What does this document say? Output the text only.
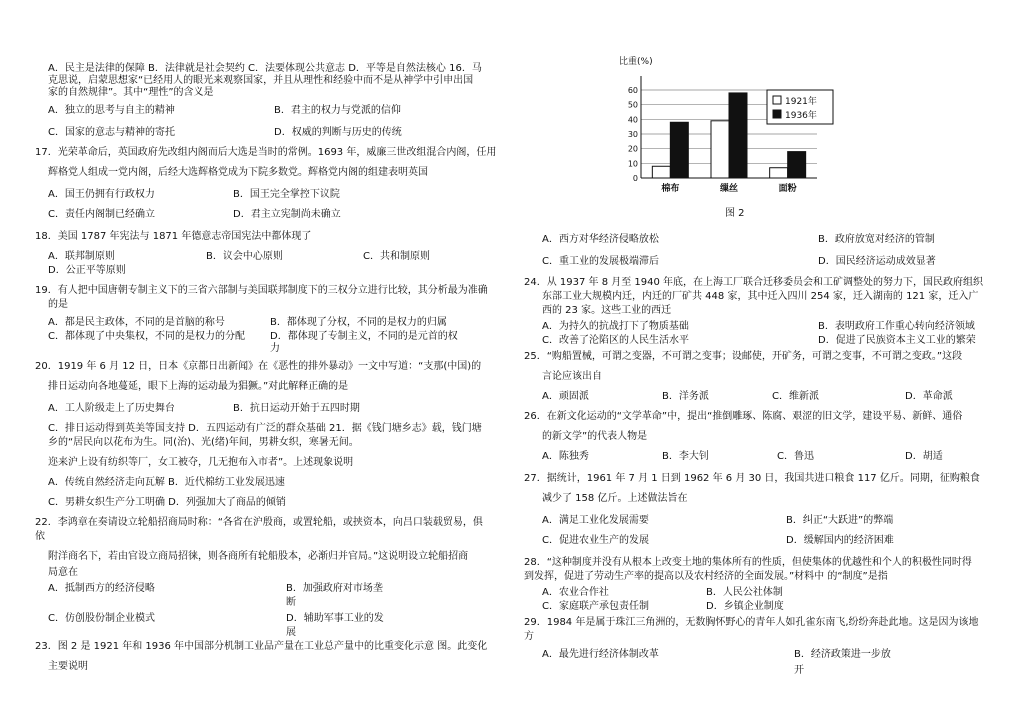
A．民主是法律的保障 B．法律就是社会契约 C．法要体现公共意志 D．平等是自然法核心 16．马
克思说，启蒙思想家“已经用人的眼光来观察国家，并且从理性和经验中而不是从神学中引申出国
家的自然规律”。其中“理性”的含义是
A．独立的思考与自主的精神	B．君主的权力与党派的信仰
C．国家的意志与精神的寄托	D．权威的判断与历史的传统
17．光荣革命后，英国政府先改组内阁而后大选是当时的常例。1693 年，威廉三世改组混合内阁，任用
辉格党人组成一党内阁，后经大选辉格党成为下院多数党。辉格党内阁的组建表明英国
A．国王仍拥有行政权力	B．国王完全掌控下议院
C．责任内阁制已经确立	D．君主立宪制尚未确立
18．美国 1787 年宪法与 1871 年德意志帝国宪法中都体现了
A．联邦制原则	B．议会中心原则	C．共和制原则
D．公正平等原则
19．有人把中国唐朝专制主义下的三省六部制与美国联邦制度下的三权分立进行比较，其分析最为准确
的是
A．都是民主政体，不同的是首脑的称号	B．都体现了分权，不同的是权力的归属
C．都体现了中央集权，不同的是权力的分配	D．都体现了专制主义，不同的是元首的权
力
20．1919 年 6 月 12 日，日本《京都日出新闻》在《恶性的排外暴动》一文中写道：“支那(中国)的
排日运动向各地蔓延，眼下上海的运动最为猖獗。”对此解释正确的是
A．工人阶级走上了历史舞台	B．抗日运动开始于五四时期
C．排日运动得到英美等国支持 D．五四运动有广泛的群众基础 21．据《钱门塘乡志》载，钱门塘
乡的“居民向以花布为生。同(治)、光(绪)年间，男耕女织，寒暑无间。
迩来沪上设有纺织等厂，女工被夺，几无抱布入市者”。上述现象说明
A．传统自然经济走向瓦解 B．近代棉纺工业发展迅速
C．男耕女织生产分工明确 D．列强加大了商品的倾销
22．李鸿章在奏请设立轮船招商局时称：“各省在沪殷商，或置轮船，或挟资本，向吕口装载贸易，俱
依
附洋商名下，若由官设立商局招徕，则各商所有轮船股本，必渐归并官局。”这说明设立轮船招商
局意在
A．抵制西方的经济侵略	B．加强政府对市场垄
断
C．仿创股份制企业模式	D．辅助军事工业的发
展
23．图 2 是 1921 年和 1936 年中国部分机制工业品产量在工业总产量中的比重变化示意 图。此变化
主要说明
A．西方对华经济侵略放松	B．政府放宽对经济的管制
C．重工业的发展极端滞后	D．国民经济运动成效显著
24．从 1937 年 8 月至 1940 年底，在上海工厂联合迁移委员会和工矿调整处的努力下，国民政府组织
东部工业大规模内迁，内迁的厂矿共 448 家，其中迁入四川 254 家，迁入湖南的 121 家，迁入广
西的 23 家。这些工业的西迁
A．为持久的抗战打下了物质基础	B．表明政府工作重心转向经济领域
C．改善了沦陷区的人民生活水平	D．促进了民族资本主义工业的繁荣
25．“购船置械，可谓之变器，不可谓之变事；设邮使，开矿务，可谓之变事，不可谓之变政。”这段
言论应该出自
A．顽固派	B．洋务派	C．维新派	D．革命派
26．在新文化运动的“文学革命”中，提出“推倒雕琢、陈腐、艰涩的旧文学，建设平易、新鲜、通俗
的新文学”的代表人物是
A．陈独秀	B．李大钊	C．鲁迅	D．胡适
27．据统计，1961 年 7 月 1 日到 1962 年 6 月 30 日，我国共进口粮食 117 亿斤。同期，征购粮食
减少了 158 亿斤。上述做法旨在
A．满足工业化发展需要	B．纠正“大跃进”的弊端
C．促进农业生产的发展	D．缓解国内的经济困难
28．“这种制度并没有从根本上改变土地的集体所有的性质，但使集体的优越性和个人的积极性同时得
到发挥，促进了劳动生产率的提高以及农村经济的全面发展。”材料中 的“制度”是指
A．农业合作社	B．人民公社体制
C．家庭联产承包责任制	D．乡镇企业制度
29．1984 年是属于珠江三角洲的，无数胸怀野心的青年人如孔雀东南飞,纷纷奔赴此地。这是因为该地
方
A．最先进行经济体制改革	B．经济政策进一步放
开
比重(%)
0
10
20
30
40
50
60
棉布	缫丝	面粉
1921年
1936年
图 2
